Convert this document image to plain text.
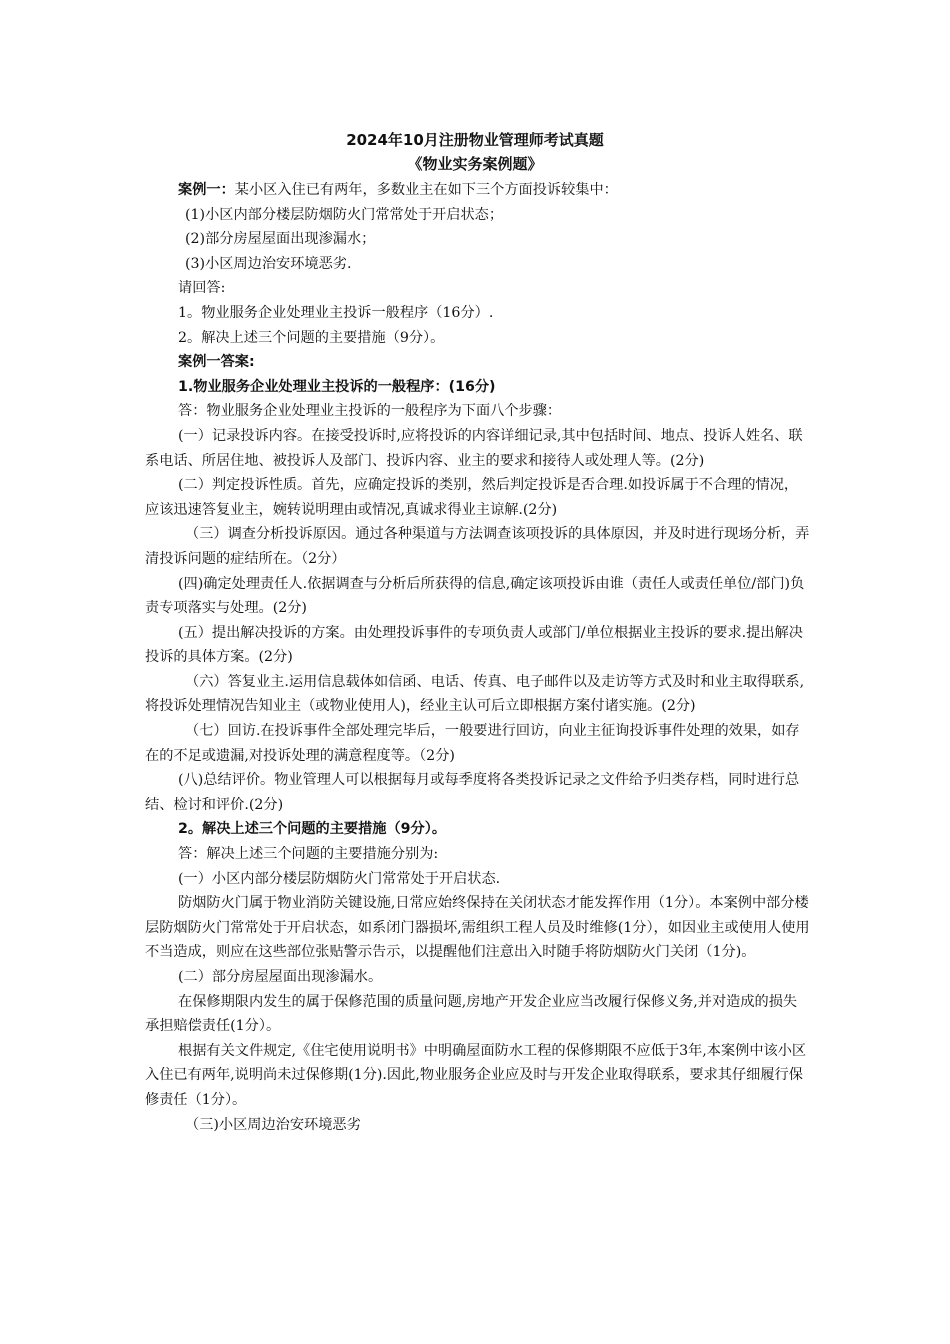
2024年10月注册物业管理师考试真题
《物业实务案例题》

案例一：某小区入住已有两年，多数业主在如下三个方面投诉较集中：

(1)小区内部分楼层防烟防火门常常处于开启状态；

(2)部分房屋屋面出现渗漏水；

(3)小区周边治安环境恶劣.

请回答:

1。物业服务企业处理业主投诉一般程序（16分）.

2。解决上述三个问题的主要措施（9分）。

案例一答案:

1.物业服务企业处理业主投诉的一般程序：(16分)

答：物业服务企业处理业主投诉的一般程序为下面八个步骤：

(一）记录投诉内容。在接受投诉时,应将投诉的内容详细记录,其中包括时间、地点、投诉人姓名、联系电话、所居住地、被投诉人及部门、投诉内容、业主的要求和接待人或处理人等。(2分)

(二）判定投诉性质。首先，应确定投诉的类别，然后判定投诉是否合理.如投诉属于不合理的情况，应该迅速答复业主，婉转说明理由或情况,真诚求得业主谅解.(2分)

（三）调查分析投诉原因。通过各种渠道与方法调查该项投诉的具体原因，并及时进行现场分析，弄清投诉问题的症结所在。（2分）

(四)确定处理责任人.依据调查与分析后所获得的信息,确定该项投诉由谁（责任人或责任单位/部门)负责专项落实与处理。(2分)

(五）提出解决投诉的方案。由处理投诉事件的专项负责人或部门/单位根据业主投诉的要求.提出解决投诉的具体方案。(2分)

（六）答复业主.运用信息载体如信函、电话、传真、电子邮件以及走访等方式及时和业主取得联系,将投诉处理情况告知业主（或物业使用人)，经业主认可后立即根据方案付诸实施。(2分)

（七）回访.在投诉事件全部处理完毕后，一般要进行回访，向业主征询投诉事件处理的效果，如存在的不足或遗漏,对投诉处理的满意程度等。（2分)

(八)总结评价。物业管理人可以根据每月或每季度将各类投诉记录之文件给予归类存档，同时进行总结、检讨和评价.(2分)

2。解决上述三个问题的主要措施（9分）。

答：解决上述三个问题的主要措施分别为:

(一）小区内部分楼层防烟防火门常常处于开启状态.

防烟防火门属于物业消防关键设施,日常应始终保持在关闭状态才能发挥作用（1分）。本案例中部分楼层防烟防火门常常处于开启状态，如系闭门器损坏,需组织工程人员及时维修(1分），如因业主或使用人使用不当造成，则应在这些部位张贴警示告示，以提醒他们注意出入时随手将防烟防火门关闭（1分)。

(二）部分房屋屋面出现渗漏水。

在保修期限内发生的属于保修范围的质量问题,房地产开发企业应当改履行保修义务,并对造成的损失承担赔偿责任(1分）。

根据有关文件规定,《住宅使用说明书》中明确屋面防水工程的保修期限不应低于3年,本案例中该小区入住已有两年,说明尚未过保修期(1分).因此,物业服务企业应及时与开发企业取得联系，要求其仔细履行保修责任（1分）。

（三)小区周边治安环境恶劣
